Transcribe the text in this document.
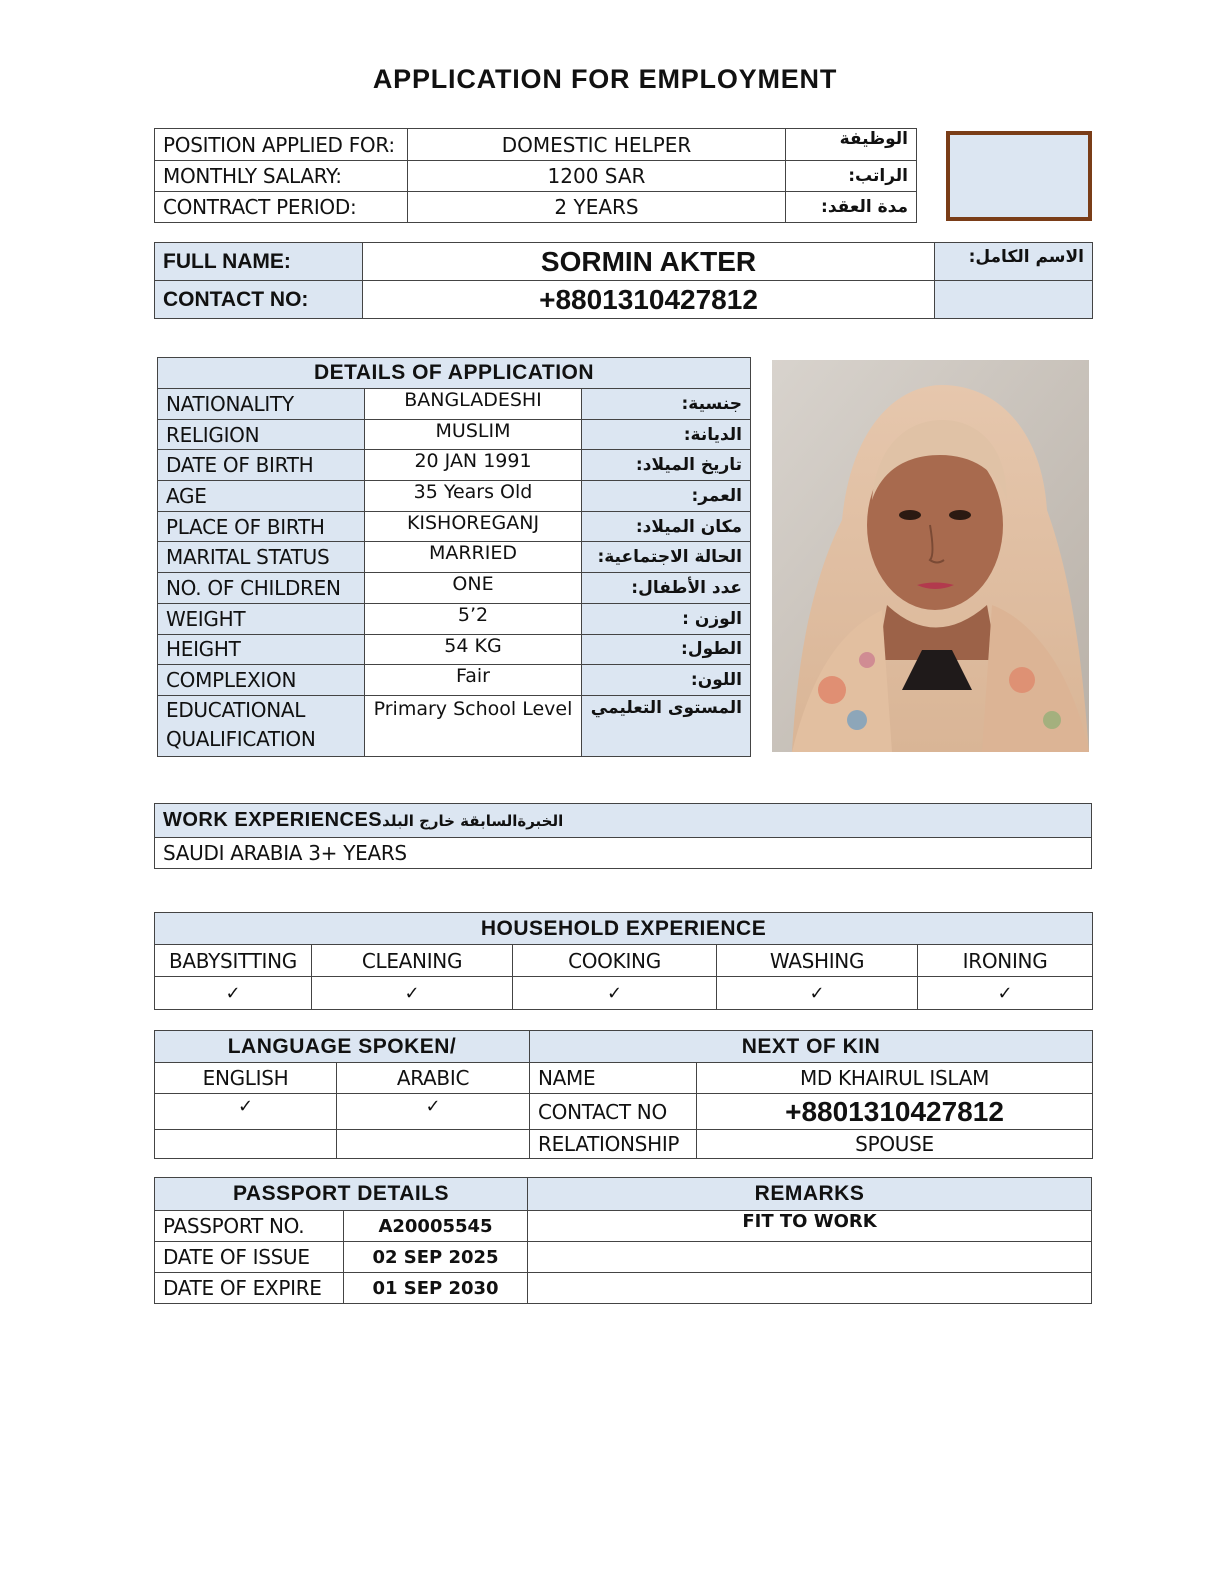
APPLICATION FOR EMPLOYMENT
POSITION APPLIED FOR:	DOMESTIC HELPER	الوظيفة
MONTHLY SALARY:	1200 SAR	الراتب:
CONTRACT PERIOD:	2 YEARS	مدة العقد:
FULL NAME:	SORMIN AKTER	الاسم الكامل:
CONTACT NO:	+8801310427812	
DETAILS OF APPLICATION		
NATIONALITY	BANGLADESHI	جنسية:
RELIGION	MUSLIM	الديانة:
DATE OF BIRTH	20 JAN 1991	تاريخ الميلاد:
AGE	35 Years Old	العمر:
PLACE OF BIRTH	KISHOREGANJ	مكان الميلاد:
MARITAL STATUS	MARRIED	الحالة الاجتماعية:
NO. OF CHILDREN	ONE	عدد الأطفال:
WEIGHT	5’2	الوزن :
HEIGHT	54 KG	الطول:
COMPLEXION	Fair	اللون:

EDUCATIONAL
QUALIFICATION	Primary School Level	المستوى التعليمي
WORK EXPERIENCESالخبرةالسابقة خارج البلد
SAUDI ARABIA 3+ YEARS
HOUSEHOLD EXPERIENCE				
BABYSITTING	CLEANING	COOKING	WASHING	IRONING
✓	✓	✓	✓	✓
LANGUAGE SPOKEN/		NEXT OF KIN	
ENGLISH	ARABIC	NAME	MD KHAIRUL ISLAM
✓	✓	CONTACT NO	+8801310427812
		RELATIONSHIP	SPOUSE
PASSPORT DETAILS		REMARKS
PASSPORT NO.	A20005545	FIT TO WORK
DATE OF ISSUE	02 SEP 2025	
DATE OF EXPIRE	01 SEP 2030	
